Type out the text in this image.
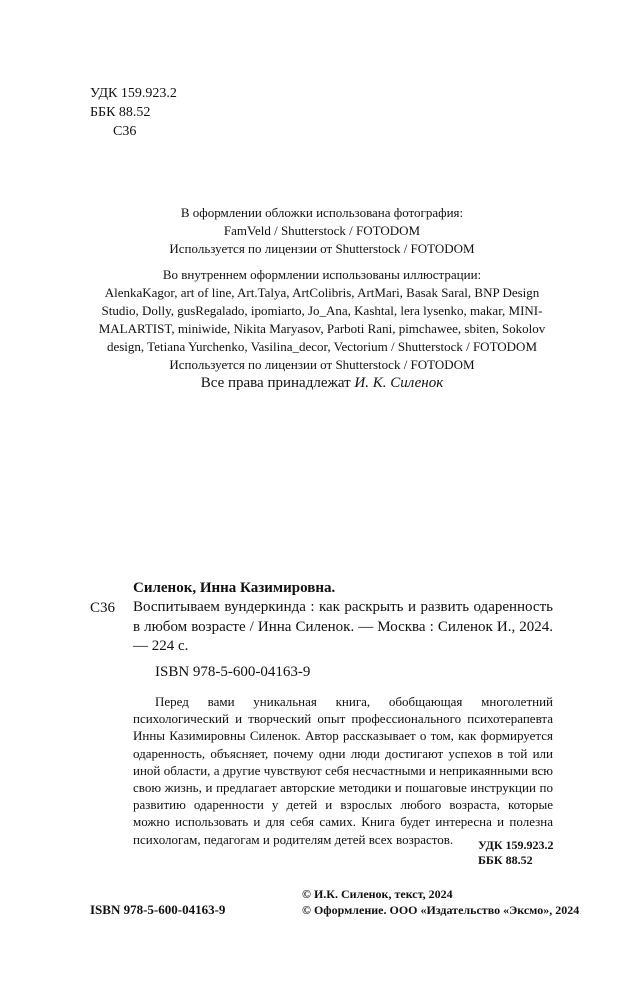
УДК 159.923.2
ББК 88.52
С36
В оформлении обложки использована фотография:
FamVeld / Shutterstock / FOTODOM
Используется по лицензии от Shutterstock / FOTODOM
Во внутреннем оформлении использованы иллюстрации:
AlenkaKagor, art of line, Art.Talya, ArtColibris, ArtMari, Basak Saral, BNP Design
Studio, Dolly, gusRegalado, ipomiarto, Jo_Ana, Kashtal, lera lysenko, makar, MINI-
MALARTIST, miniwide, Nikita Maryasov, Parboti Rani, pimchawee, sbiten, Sokolov
design, Tetiana Yurchenko, Vasilina_decor, Vectorium / Shutterstock / FOTODOM
Используется по лицензии от Shutterstock / FOTODOM
Все права принадлежат И. К. Силенок
Силенок, Инна Казимировна.
С36 Воспитываем вундеркинда : как раскрыть и развить одаренность в любом возрасте / Инна Силенок. — Москва : Силенок И., 2024. — 224 с.
ISBN 978-5-600-04163-9
Перед вами уникальная книга, обобщающая многолетний психологический и творческий опыт профессионального психотерапевта Инны Казимировны Силенок. Автор рассказывает о том, как формируется одаренность, объясняет, почему одни люди достигают успехов в той или иной области, а другие чувствуют себя несчастными и неприкаянными всю свою жизнь, и предлагает авторские методики и пошаговые инструкции по развитию одаренности у детей и взрослых любого возраста, которые можно использовать и для себя самих. Книга будет интересна и полезна психологам, педагогам и родителям детей всех возрастов.	УДК 159.923.2
ББК 88.52
© И.К. Силенок, текст, 2024
© Оформление. ООО «Издательство «Эксмо», 2024
ISBN 978-5-600-04163-9
